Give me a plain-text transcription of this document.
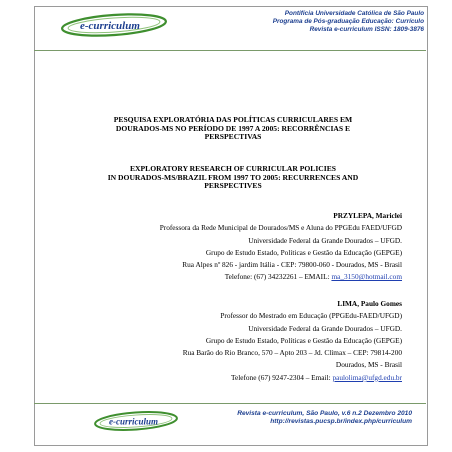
e-curriculum
Pontifícia Universidade Católica de São Paulo
Programa de Pós-graduação Educação: Currículo
Revista e-curriculum ISSN: 1809-3876
PESQUISA EXPLORATÓRIA DAS POLÍTICAS CURRICULARES EM
DOURADOS-MS NO PERÍODO DE 1997 A 2005: RECORRÊNCIAS E
PERSPECTIVAS
EXPLORATORY RESEARCH OF CURRICULAR POLICIES
IN DOURADOS-MS/BRAZIL FROM 1997 TO 2005: RECURRENCES AND
PERSPECTIVES
PRZYLEPA, Mariclei
Professora da Rede Municipal de Dourados/MS e Aluna do PPGEdu FAED/UFGD
Universidade Federal da Grande Dourados – UFGD.
Grupo de Estudo Estado, Políticas e Gestão da Educação (GEPGE)
Rua Alpes nº 826 - jardim Itália - CEP: 79800-060 - Dourados, MS - Brasil
Telefone: (67) 34232261 – EMAIL: ma_3150@hotmail.com
LIMA, Paulo Gomes
Professor do Mestrado em Educação (PPGEdu-FAED/UFGD)
Universidade Federal da Grande Dourados – UFGD.
Grupo de Estudo Estado, Políticas e Gestão da Educação (GEPGE)
Rua Barão do Rio Branco, 570 – Apto 203 – Jd. Clímax – CEP: 79814-200
Dourados, MS - Brasil
Telefone (67) 9247-2304 – Email: paulolima@ufgd.edu.br
e-curriculum
Revista e-curriculum, São Paulo, v.6 n.2 Dezembro 2010
http://revistas.pucsp.br/index.php/curriculum
